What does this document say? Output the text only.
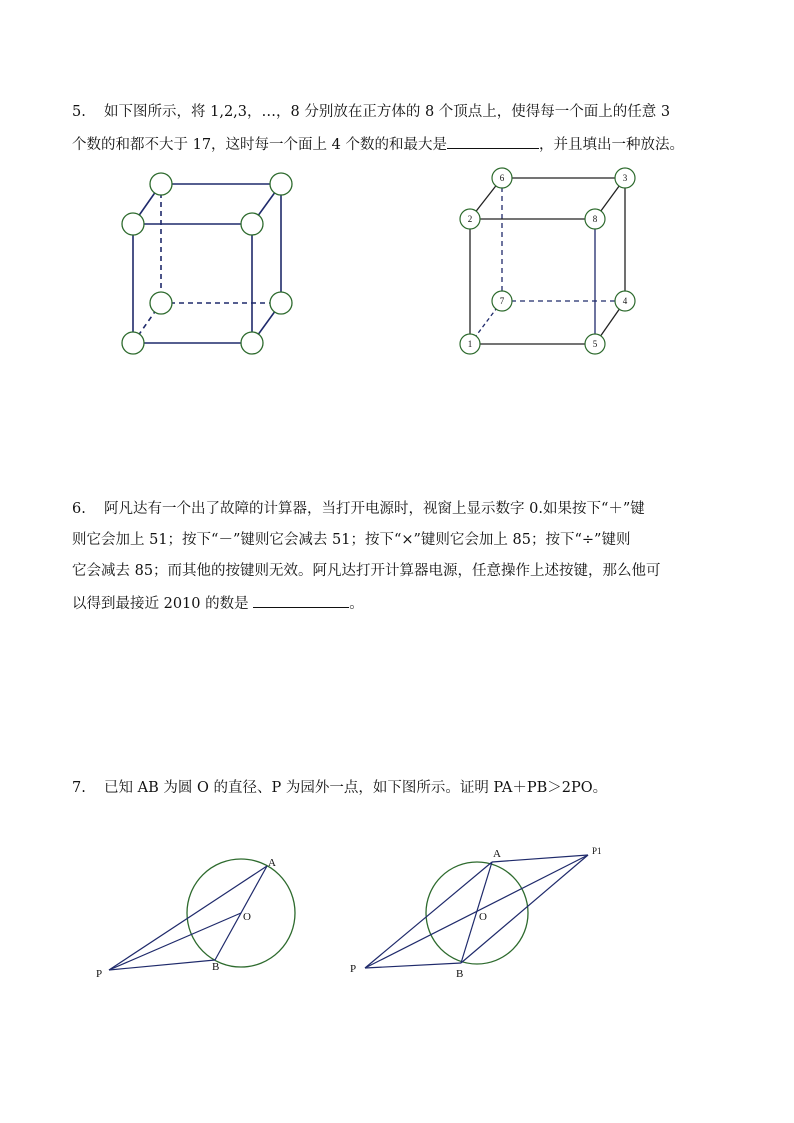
5. 如下图所示，将 1,2,3，…，8 分别放在正方体的 8 个顶点上，使得每一个面上的任意 3
个数的和都不大于 17，这时每一个面上 4 个数的和最大是	，并且填出一种放法。
6	3
2	8
7	4
1	5
A
B
O
P
A
B
O
P
P1
6. 阿凡达有一个出了故障的计算器，当打开电源时，视窗上显示数字 0.如果按下“＋”键
则它会加上 51；按下“－”键则它会减去 51；按下“×”键则它会加上 85；按下“÷”键则
它会减去 85；而其他的按键则无效。阿凡达打开计算器电源，任意操作上述按键，那么他可
以得到最接近 2010 的数是	。
7. 已知 AB 为圆 O 的直径、P 为园外一点，如下图所示。证明 PA＋PB＞2PO。
